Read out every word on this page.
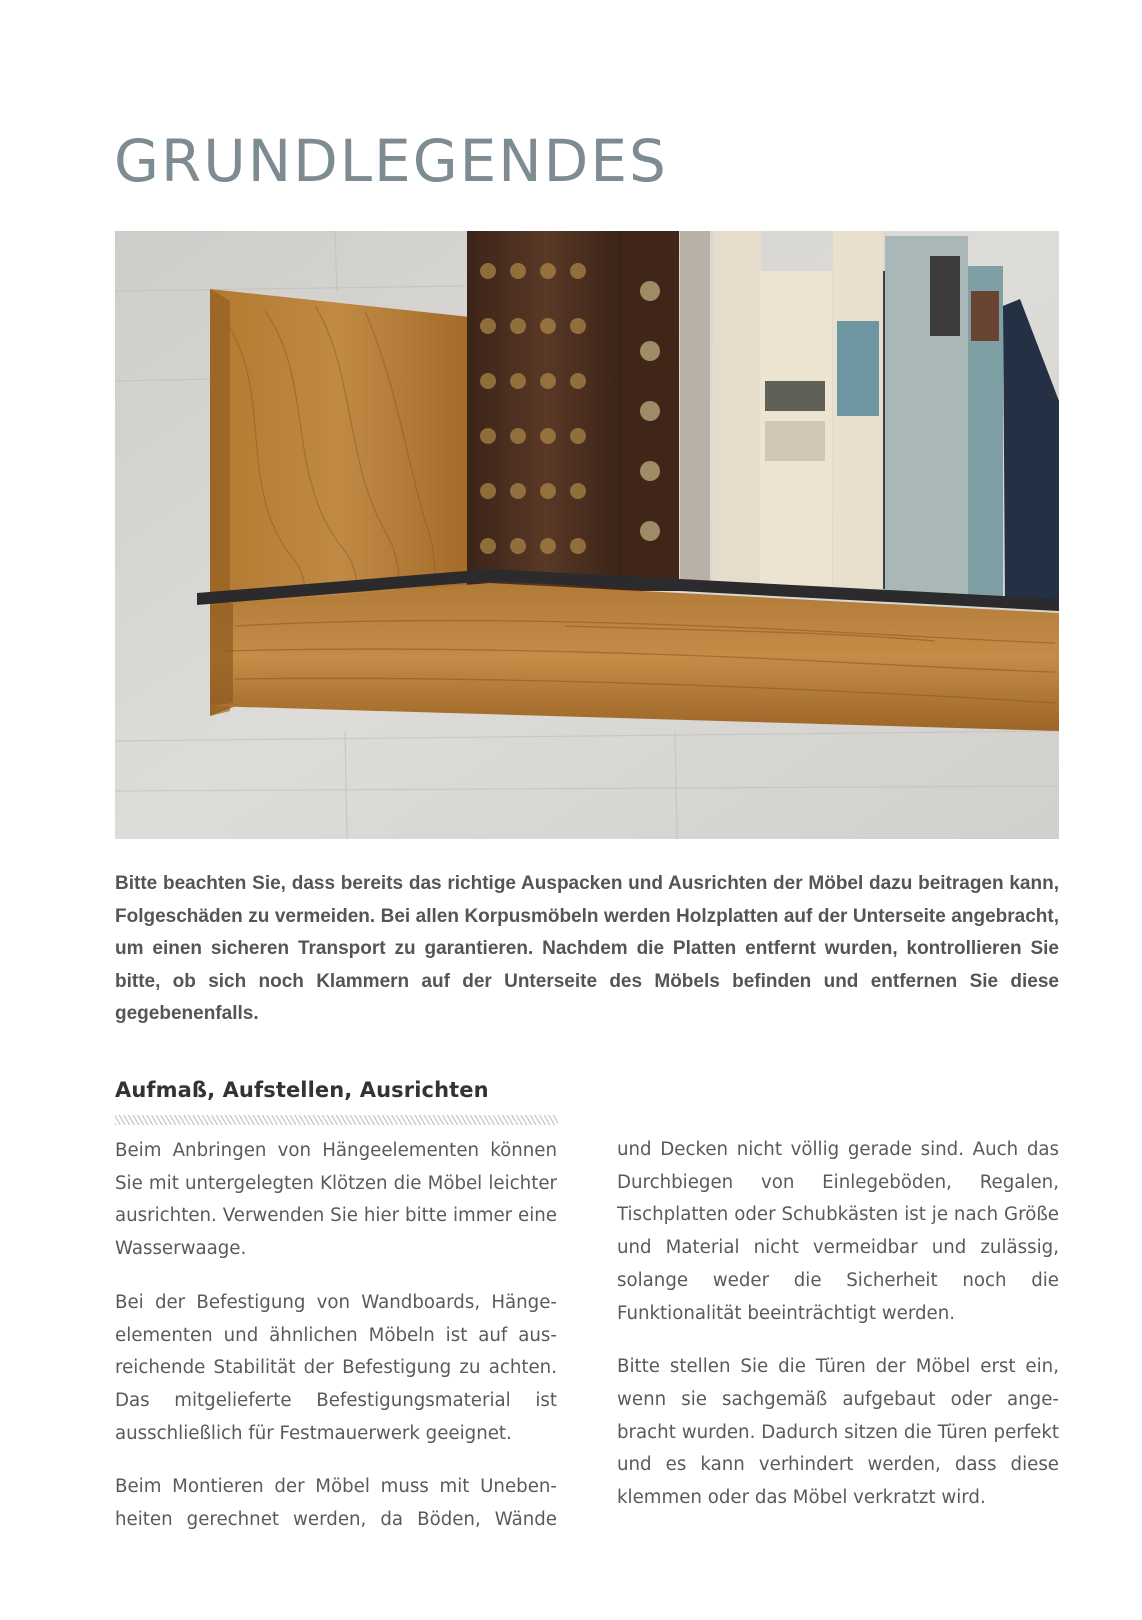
GRUNDLEGENDES

Bitte beachten Sie, dass bereits das richtige Auspacken und Ausrichten der Möbel dazu beitragen kann, Folgeschäden zu vermeiden. Bei allen Korpusmöbeln werden Holzplatten auf der Unterseite angebracht, um einen sicheren Transport zu garantieren. Nachdem die Platten entfernt wurden, kontrollieren Sie bitte, ob sich noch Klammern auf der Unterseite des Möbels befinden und entfernen Sie diese gegebenenfalls.

Aufmaß, Aufstellen, Ausrichten

Beim Anbringen von Hängeelementen können Sie mit untergelegten Klötzen die Möbel leichter ausrichten. Verwenden Sie hier bitte immer eine Wasserwaage.

Bei der Befestigung von Wandboards, Hängeelementen und ähnlichen Möbeln ist auf ausreichende Stabilität der Befestigung zu achten. Das mitgelieferte Befestigungsmaterial ist ausschließlich für Festmauerwerk geeignet.

Beim Montieren der Möbel muss mit Unebenheiten gerechnet werden, da Böden, Wände

und Decken nicht völlig gerade sind. Auch das Durchbiegen von Einlegeböden, Regalen, Tischplatten oder Schubkästen ist je nach Größe und Material nicht vermeidbar und zulässig, solange weder die Sicherheit noch die Funktionalität beeinträchtigt werden.

Bitte stellen Sie die Türen der Möbel erst ein, wenn sie sachgemäß aufgebaut oder angebracht wurden. Dadurch sitzen die Türen perfekt und es kann verhindert werden, dass diese klemmen oder das Möbel verkratzt wird.
